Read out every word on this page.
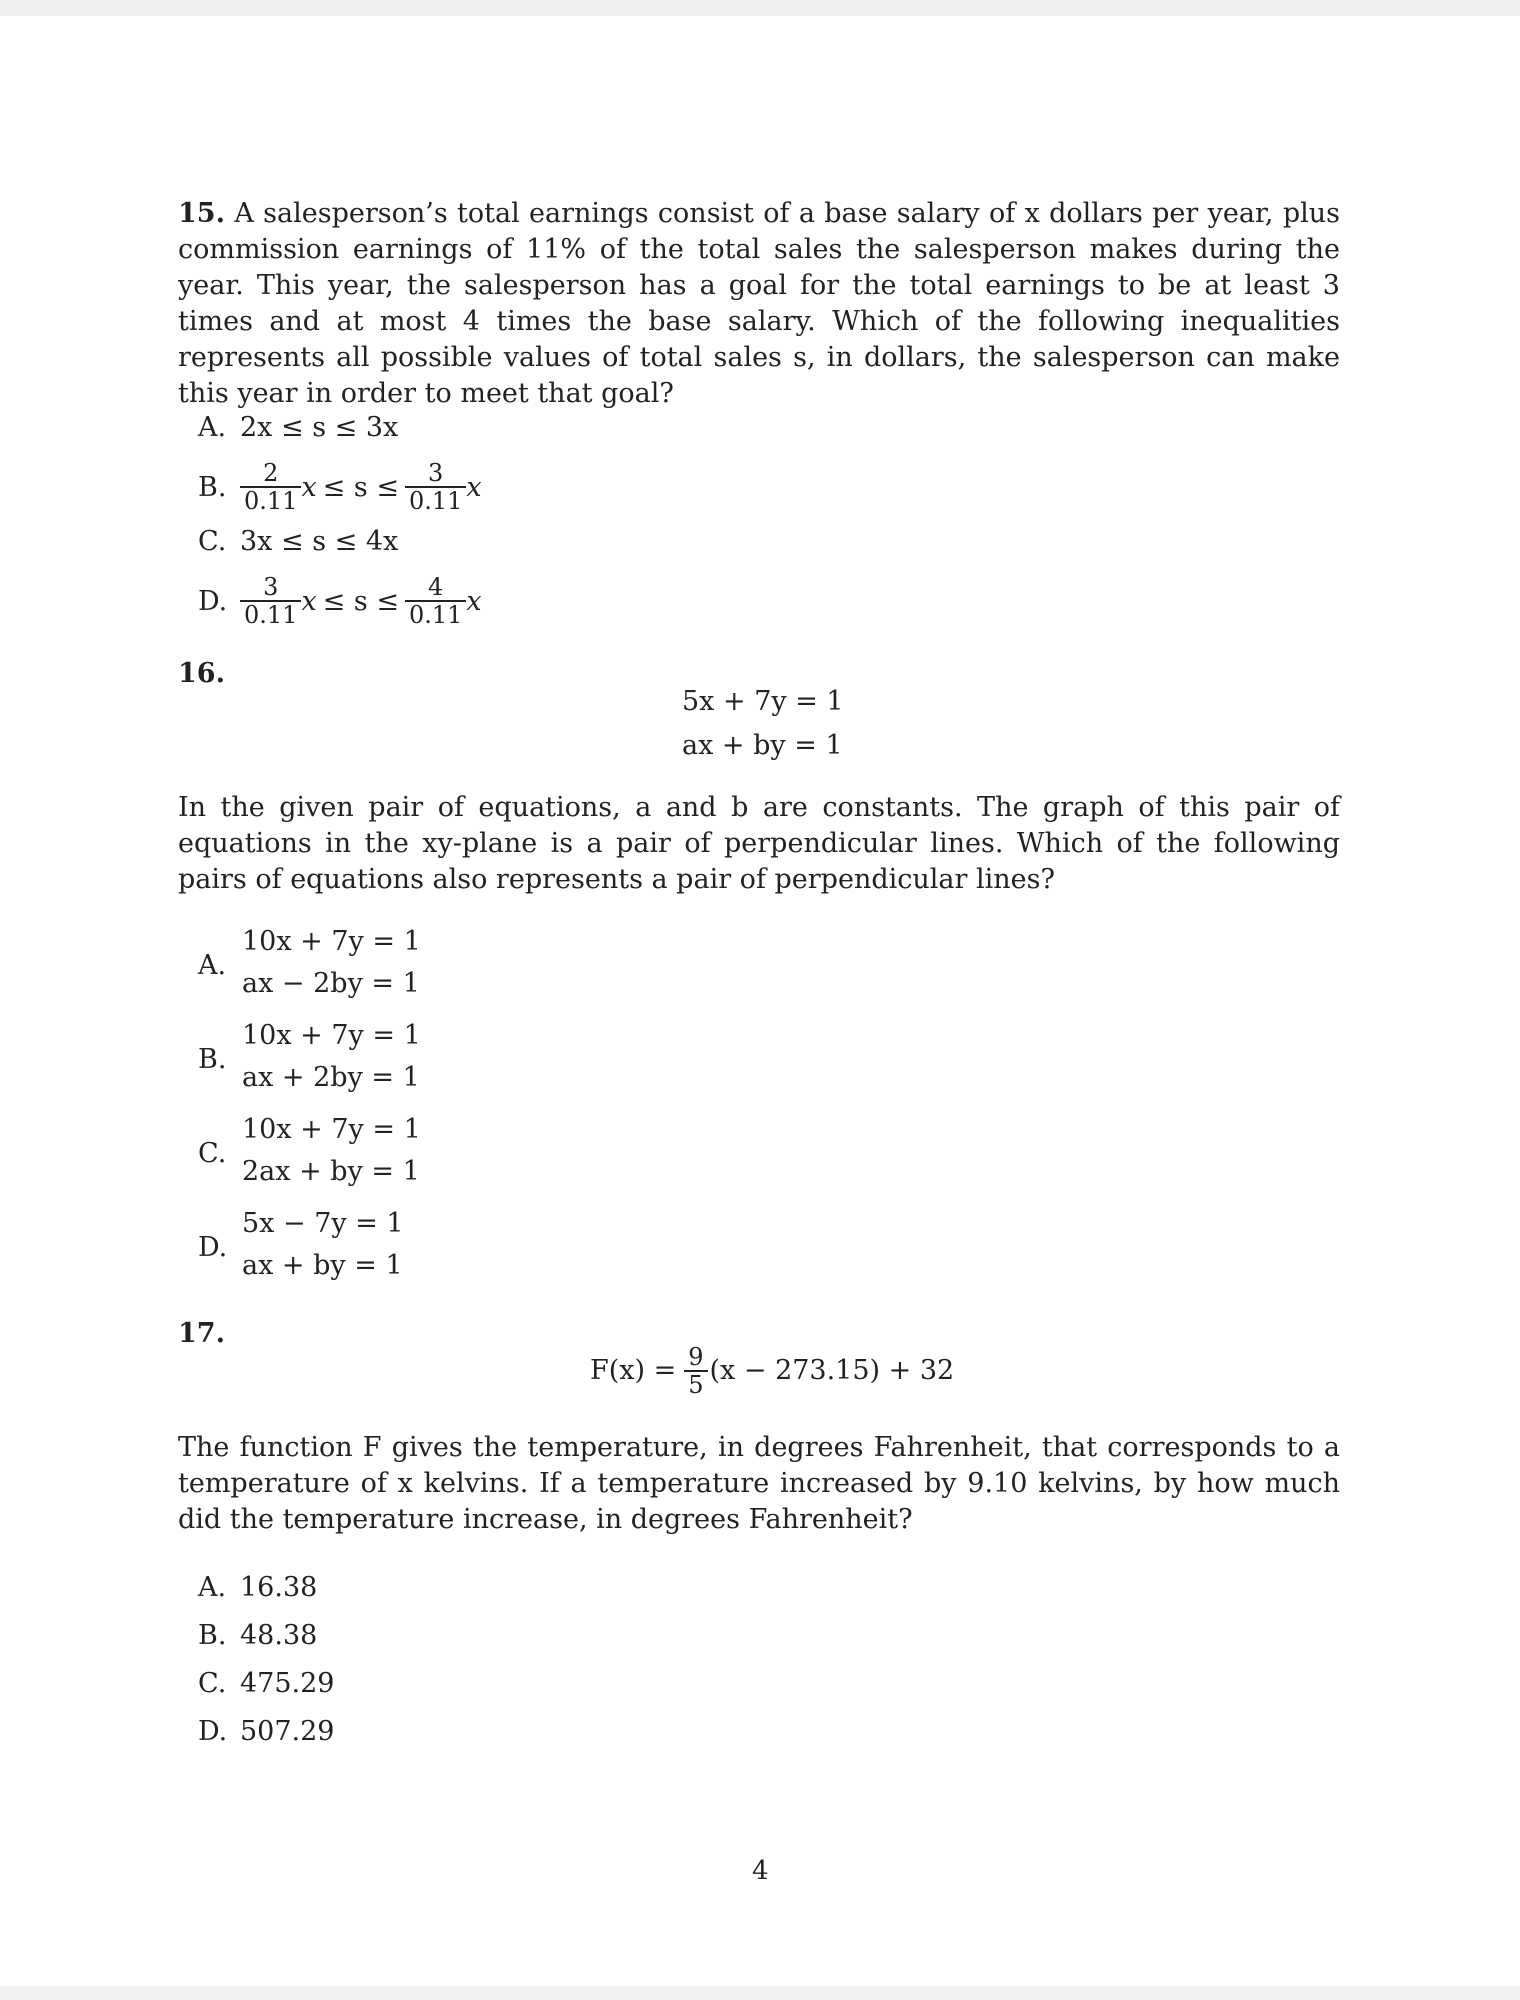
15. A salesperson’s total earnings consist of a base salary of x dollars per year, plus commission earnings of 11% of the total sales the salesperson makes during the year. This year, the salesperson has a goal for the total earnings to be at least 3 times and at most 4 times the base salary. Which of the following inequalities represents all possible values of total sales s, in dollars, the salesperson can make this year in order to meet that goal?
A. 2x ≤ s ≤ 3x
B. $\frac{2}{0.11}$ $x \le s \le \frac{3}{0.11}$ x
C. 3x ≤ s ≤ 4x
D. $\frac{3}{0.11}$ $x \le s \le \frac{4}{0.11}$ x
16.
5x + 7y = 1
ax + by = 1
In the given pair of equations, a and b are constants. The graph of this pair of equations in the xy-plane is a pair of perpendicular lines. Which of the following pairs of equations also represents a pair of perpendicular lines?
A.
10x + 7y = 1
ax − 2by = 1
B.
10x + 7y = 1
ax + 2by = 1
C.
10x + 7y = 1
2ax + by = 1
D.
5x − 7y = 1
ax + by = 1
17.
$F(x) = \frac{9}{5} (x - 273.15) + 32$
The function F gives the temperature, in degrees Fahrenheit, that corresponds to a temperature of x kelvins. If a temperature increased by 9.10 kelvins, by how much did the temperature increase, in degrees Fahrenheit?
A. 16.38
B. 48.38
C. 475.29
D. 507.29
4
